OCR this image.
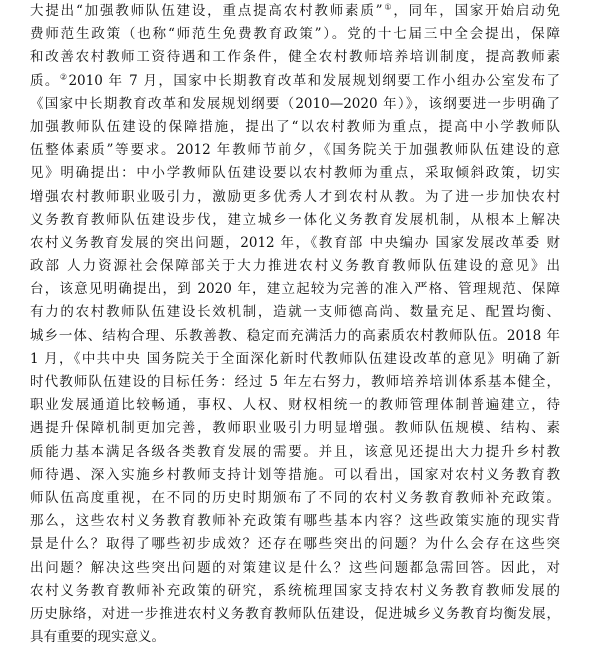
大提出“加强教师队伍建设，重点提高农村教师素质”①，同年，国家开始启动免
费师范生政策（也称“师范生免费教育政策”）。党的十七届三中全会提出，保障
和改善农村教师工资待遇和工作条件，健全农村教师培养培训制度，提高教师素
质。②2010 年 7 月，国家中长期教育改革和发展规划纲要工作小组办公室发布了
《国家中长期教育改革和发展规划纲要（2010—2020 年）》，该纲要进一步明确了
加强教师队伍建设的保障措施，提出了“以农村教师为重点，提高中小学教师队
伍整体素质”等要求。2012 年教师节前夕，《国务院关于加强教师队伍建设的意
见》明确提出：中小学教师队伍建设要以农村教师为重点，采取倾斜政策，切实
增强农村教师职业吸引力，激励更多优秀人才到农村从教。为了进一步加快农村
义务教育教师队伍建设步伐，建立城乡一体化义务教育发展机制，从根本上解决
农村义务教育发展的突出问题，2012 年，《教育部 中央编办 国家发展改革委 财
政部 人力资源社会保障部关于大力推进农村义务教育教师队伍建设的意见》出
台，该意见明确提出，到 2020 年，建立起较为完善的准入严格、管理规范、保障
有力的农村教师队伍建设长效机制，造就一支师德高尚、数量充足、配置均衡、
城乡一体、结构合理、乐教善教、稳定而充满活力的高素质农村教师队伍。2018 年
1 月，《中共中央 国务院关于全面深化新时代教师队伍建设改革的意见》明确了新
时代教师队伍建设的目标任务：经过 5 年左右努力，教师培养培训体系基本健全，
职业发展通道比较畅通，事权、人权、财权相统一的教师管理体制普遍建立，待
遇提升保障机制更加完善，教师职业吸引力明显增强。教师队伍规模、结构、素
质能力基本满足各级各类教育发展的需要。并且，该意见还提出大力提升乡村教
师待遇、深入实施乡村教师支持计划等措施。可以看出，国家对农村义务教育教
师队伍高度重视，在不同的历史时期颁布了不同的农村义务教育教师补充政策。
那么，这些农村义务教育教师补充政策有哪些基本内容？这些政策实施的现实背
景是什么？取得了哪些初步成效？还存在哪些突出的问题？为什么会存在这些突
出问题？解决这些突出问题的对策建议是什么？这些问题都急需回答。因此，对
农村义务教育教师补充政策的研究，系统梳理国家支持农村义务教育教师发展的
历史脉络，对进一步推进农村义务教育教师队伍建设，促进城乡义务教育均衡发展，
具有重要的现实意义。
